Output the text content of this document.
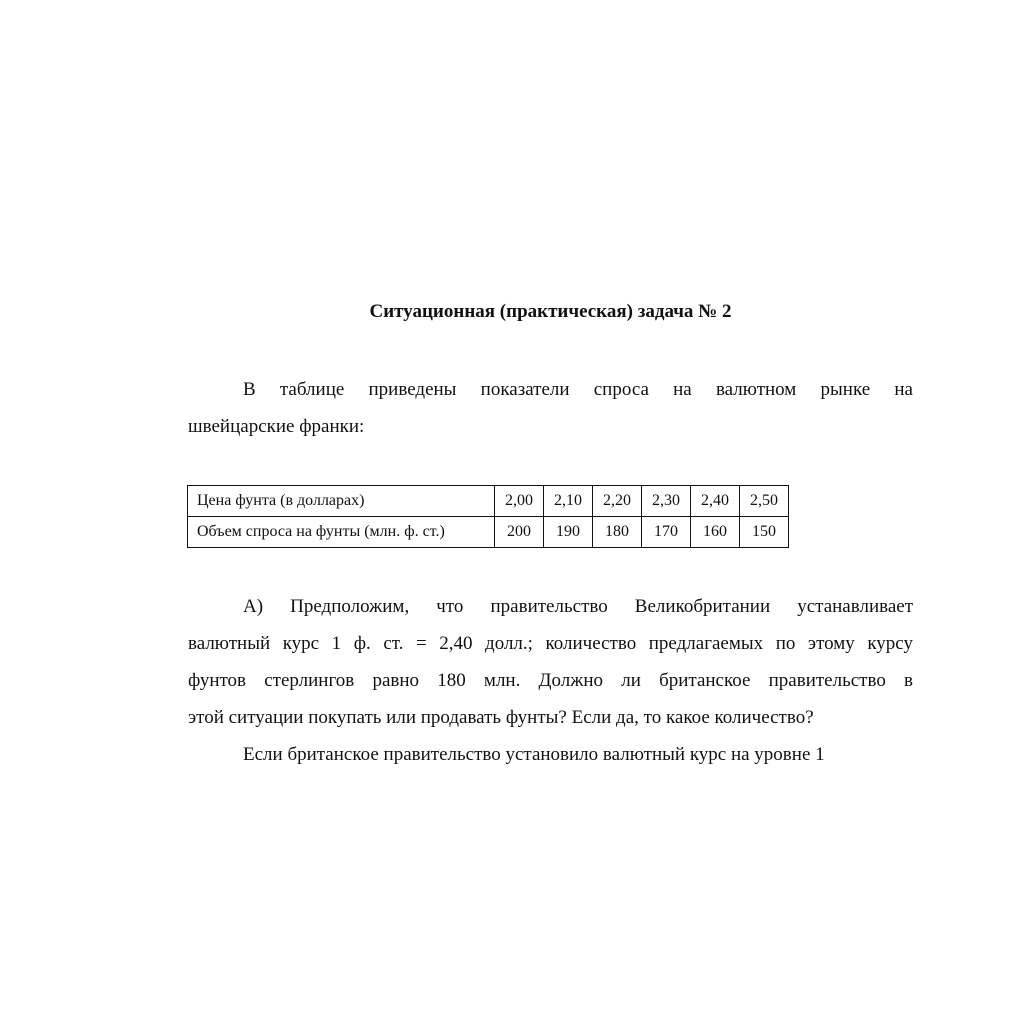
Ситуационная (практическая) задача № 2

В таблице приведены показатели спроса на валютном рынке на
швейцарские франки:

Цена фунта (в долларах)	2,00	2,10	2,20	2,30	2,40	2,50
Объем спроса на фунты (млн. ф. ст.)	200	190	180	170	160	150

А) Предположим, что правительство Великобритании устанавливает
валютный курс 1 ф. ст. = 2,40 долл.; количество предлагаемых по этому курсу
фунтов стерлингов равно 180 млн. Должно ли британское правительство в
этой ситуации покупать или продавать фунты? Если да, то какое количество?
Если британское правительство установило валютный курс на уровне 1
